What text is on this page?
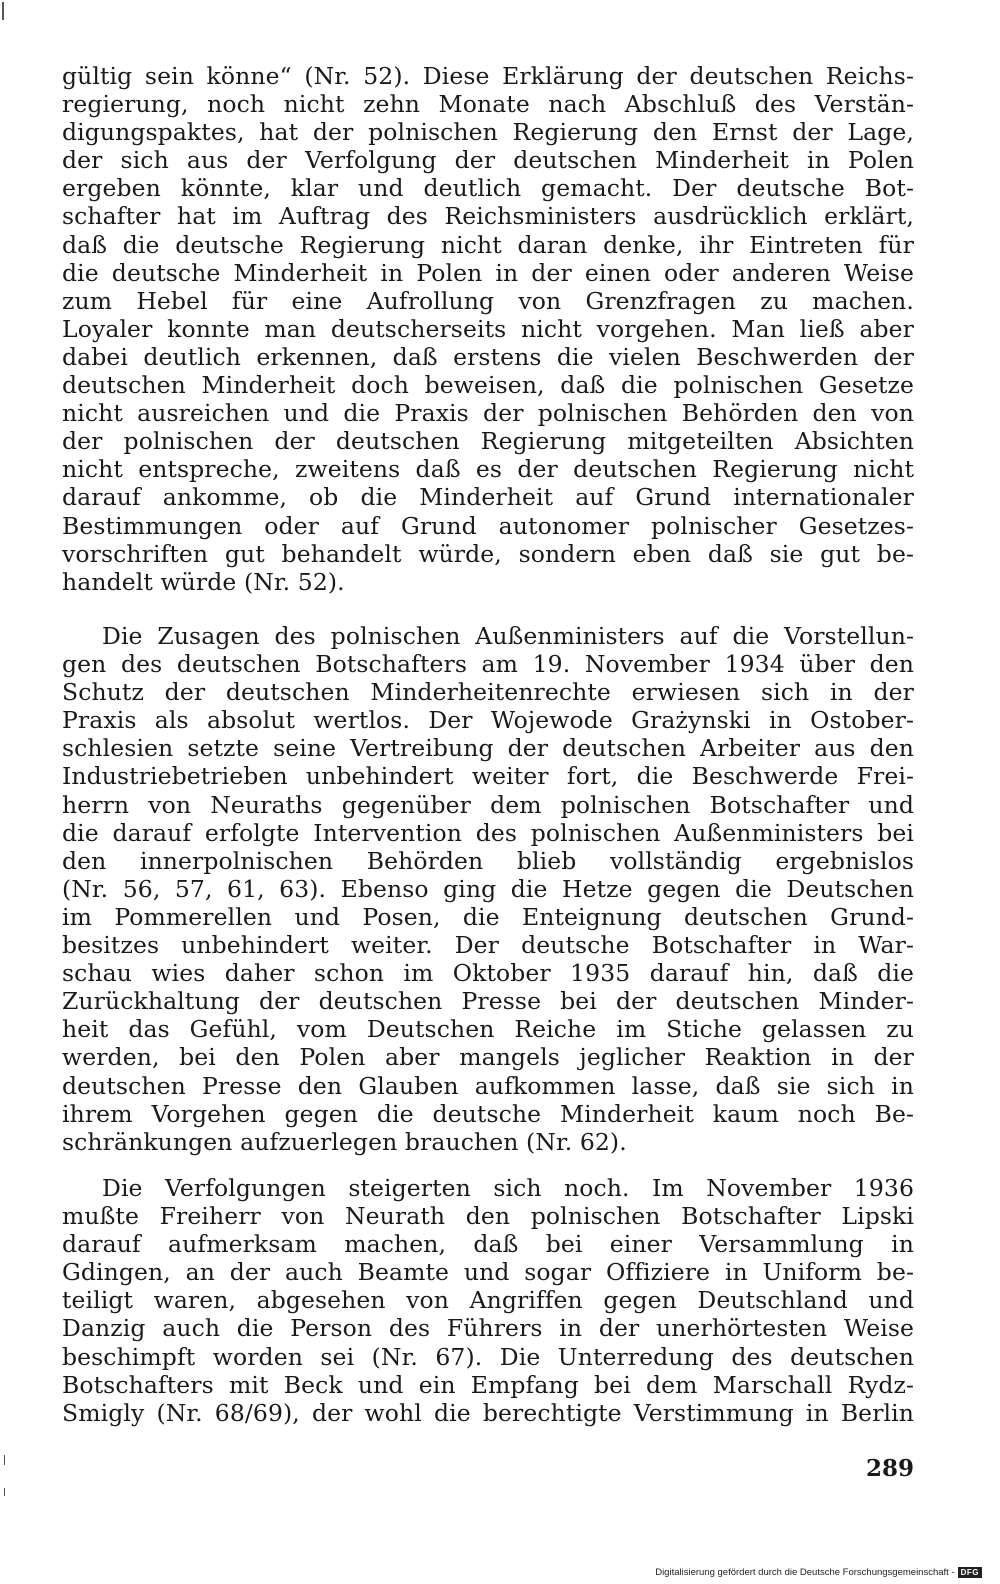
gültig sein könne“ (Nr. 52). Diese Erklärung der deutschen Reichs-
regierung, noch nicht zehn Monate nach Abschluß des Verstän-
digungspaktes, hat der polnischen Regierung den Ernst der Lage,
der sich aus der Verfolgung der deutschen Minderheit in Polen
ergeben könnte, klar und deutlich gemacht. Der deutsche Bot-
schafter hat im Auftrag des Reichsministers ausdrücklich erklärt,
daß die deutsche Regierung nicht daran denke, ihr Eintreten für
die deutsche Minderheit in Polen in der einen oder anderen Weise
zum Hebel für eine Aufrollung von Grenzfragen zu machen.
Loyaler konnte man deutscherseits nicht vorgehen. Man ließ aber
dabei deutlich erkennen, daß erstens die vielen Beschwerden der
deutschen Minderheit doch beweisen, daß die polnischen Gesetze
nicht ausreichen und die Praxis der polnischen Behörden den von
der polnischen der deutschen Regierung mitgeteilten Absichten
nicht entspreche, zweitens daß es der deutschen Regierung nicht
darauf ankomme, ob die Minderheit auf Grund internationaler
Bestimmungen oder auf Grund autonomer polnischer Gesetzes-
vorschriften gut behandelt würde, sondern eben daß sie gut be-
handelt würde (Nr. 52).
Die Zusagen des polnischen Außenministers auf die Vorstellun-
gen des deutschen Botschafters am 19. November 1934 über den
Schutz der deutschen Minderheitenrechte erwiesen sich in der
Praxis als absolut wertlos. Der Wojewode Grażynski in Ostober-
schlesien setzte seine Vertreibung der deutschen Arbeiter aus den
Industriebetrieben unbehindert weiter fort, die Beschwerde Frei-
herrn von Neuraths gegenüber dem polnischen Botschafter und
die darauf erfolgte Intervention des polnischen Außenministers bei
den innerpolnischen Behörden blieb vollständig ergebnislos
(Nr. 56, 57, 61, 63). Ebenso ging die Hetze gegen die Deutschen
im Pommerellen und Posen, die Enteignung deutschen Grund-
besitzes unbehindert weiter. Der deutsche Botschafter in War-
schau wies daher schon im Oktober 1935 darauf hin, daß die
Zurückhaltung der deutschen Presse bei der deutschen Minder-
heit das Gefühl, vom Deutschen Reiche im Stiche gelassen zu
werden, bei den Polen aber mangels jeglicher Reaktion in der
deutschen Presse den Glauben aufkommen lasse, daß sie sich in
ihrem Vorgehen gegen die deutsche Minderheit kaum noch Be-
schränkungen aufzuerlegen brauchen (Nr. 62).
Die Verfolgungen steigerten sich noch. Im November 1936
mußte Freiherr von Neurath den polnischen Botschafter Lipski
darauf aufmerksam machen, daß bei einer Versammlung in
Gdingen, an der auch Beamte und sogar Offiziere in Uniform be-
teiligt waren, abgesehen von Angriffen gegen Deutschland und
Danzig auch die Person des Führers in der unerhörtesten Weise
beschimpft worden sei (Nr. 67). Die Unterredung des deutschen
Botschafters mit Beck und ein Empfang bei dem Marschall Rydz-
Smigly (Nr. 68/69), der wohl die berechtigte Verstimmung in Berlin
289
Digitalisierung gefördert durch die Deutsche Forschungsgemeinschaft - DFG
